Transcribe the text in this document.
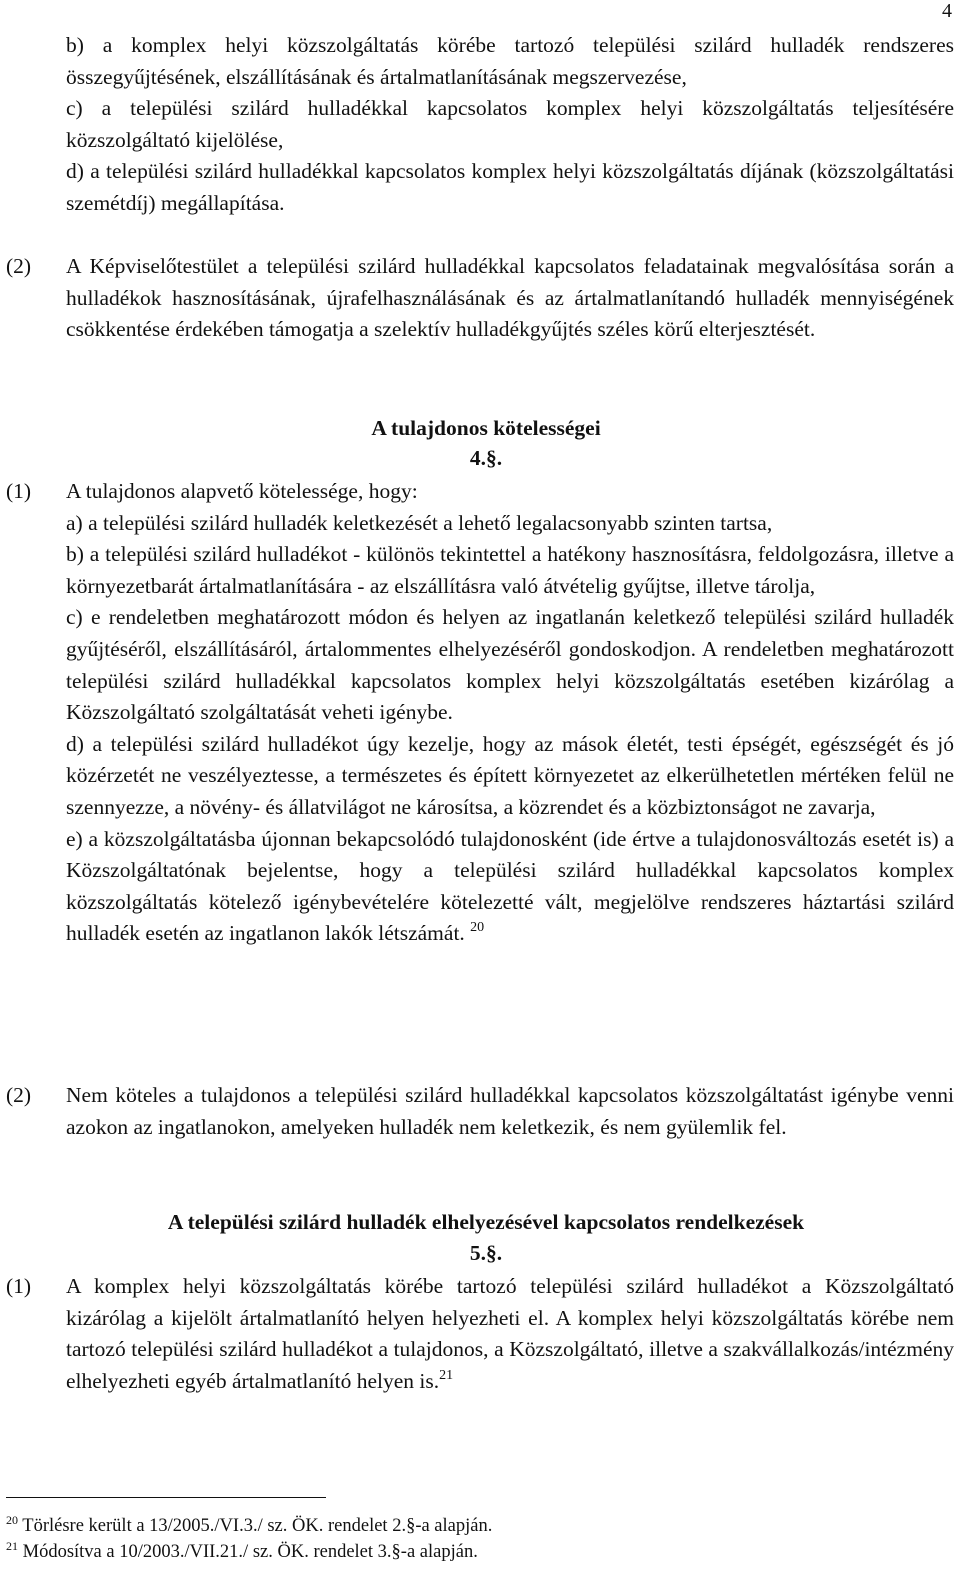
4

b) a komplex helyi közszolgáltatás körébe tartozó települési szilárd hulladék rendszeres összegyűjtésének, elszállításának és ártalmatlanításának megszervezése,

c) a települési szilárd hulladékkal kapcsolatos komplex helyi közszolgáltatás teljesítésére közszolgáltató kijelölése,

d) a települési szilárd hulladékkal kapcsolatos komplex helyi közszolgáltatás díjának (közszolgáltatási szemétdíj) megállapítása.

(2)	A Képviselőtestület a települési szilárd hulladékkal kapcsolatos feladatainak megvalósítása során a hulladékok hasznosításának, újrafelhasználásának és az ártalmatlanítandó hulladék mennyiségének csökkentése érdekében támogatja a szelektív hulladékgyűjtés széles körű elterjesztését.

A tulajdonos kötelességei
4.§.
(1)	A tulajdonos alapvető kötelessége, hogy:

a) a települési szilárd hulladék keletkezését a lehető legalacsonyabb szinten tartsa,

b) a települési szilárd hulladékot - különös tekintettel a hatékony hasznosításra, feldolgozásra, illetve a környezetbarát ártalmatlanítására - az elszállításra való átvételig gyűjtse, illetve tárolja,

c) e rendeletben meghatározott módon és helyen az ingatlanán keletkező települési szilárd hulladék gyűjtéséről, elszállításáról, ártalommentes elhelyezéséről gondoskodjon. A rendeletben meghatározott települési szilárd hulladékkal kapcsolatos komplex helyi közszolgáltatás esetében kizárólag a Közszolgáltató szolgáltatását veheti igénybe.

d) a települési szilárd hulladékot úgy kezelje, hogy az mások életét, testi épségét, egészségét és jó közérzetét ne veszélyeztesse, a természetes és épített környezetet az elkerülhetetlen mértéken felül ne szennyezze, a növény- és állatvilágot ne károsítsa, a közrendet és a közbiztonságot ne zavarja,

e) a közszolgáltatásba újonnan bekapcsolódó tulajdonosként (ide értve a tulajdonosváltozás esetét is) a Közszolgáltatónak bejelentse, hogy a települési szilárd hulladékkal kapcsolatos komplex közszolgáltatás kötelező igénybevételére kötelezetté vált, megjelölve rendszeres háztartási szilárd hulladék esetén az ingatlanon lakók létszámát. $^{20}$

(2)	Nem köteles a tulajdonos a települési szilárd hulladékkal kapcsolatos közszolgáltatást igénybe venni azokon az ingatlanokon, amelyeken hulladék nem keletkezik, és nem gyülemlik fel.

A települési szilárd hulladék elhelyezésével kapcsolatos rendelkezések
5.§.
(1)	A komplex helyi közszolgáltatás körébe tartozó települési szilárd hulladékot a Közszolgáltató kizárólag a kijelölt ártalmatlanító helyen helyezheti el. A komplex helyi közszolgáltatás körébe nem tartozó települési szilárd hulladékot a tulajdonos, a Közszolgáltató, illetve a szakvállalkozás/intézmény elhelyezheti egyéb ártalmatlanító helyen is.$^{21}$

$^{20}$ Törlésre került a 13/2005./VI.3./ sz. ÖK. rendelet 2.§-a alapján.
$^{21}$ Módosítva a 10/2003./VII.21./ sz. ÖK. rendelet 3.§-a alapján.
